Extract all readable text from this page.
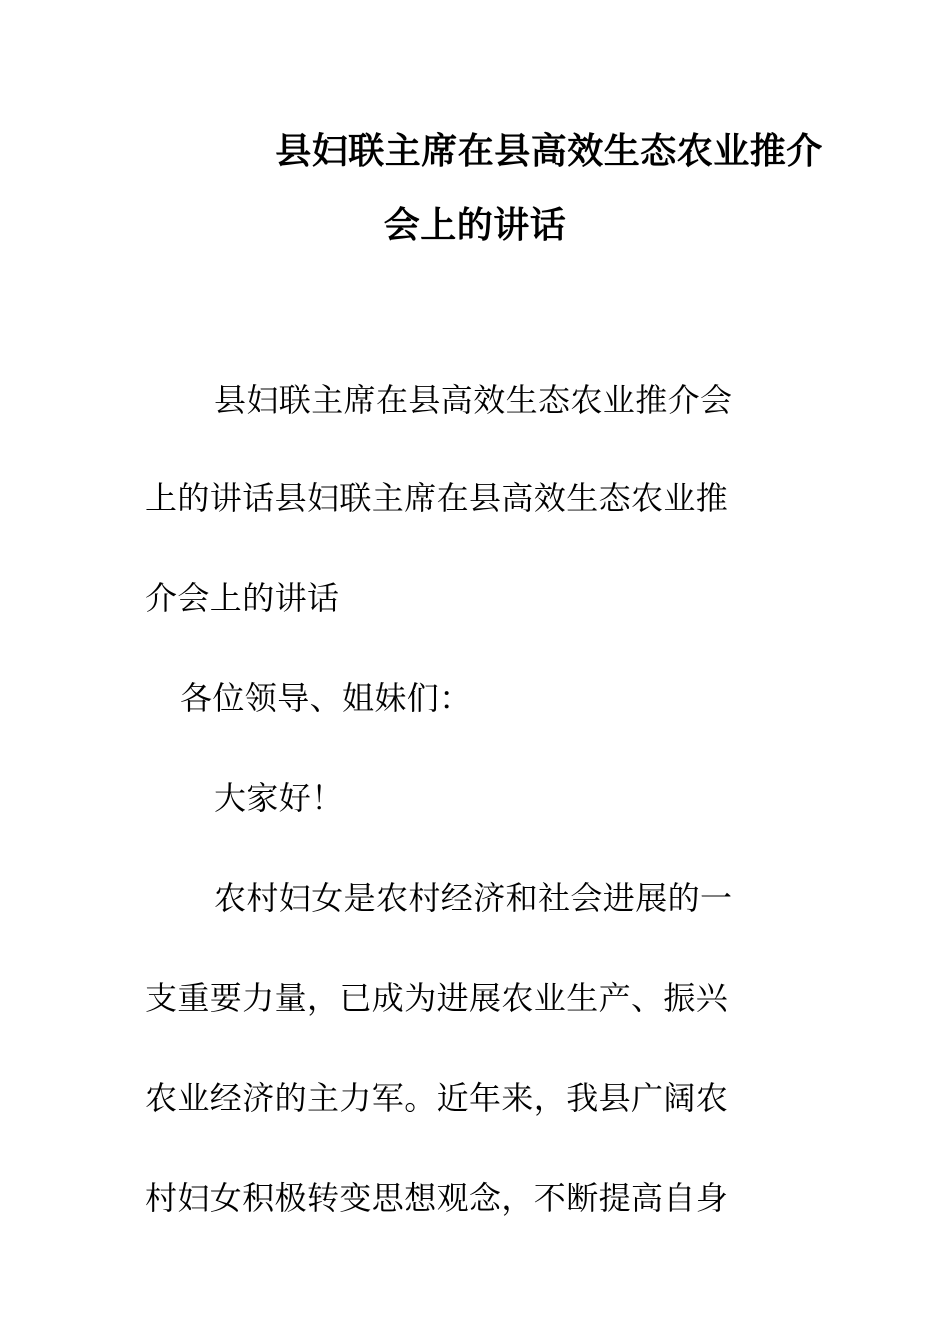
县妇联主席在县高效生态农业推介
会上的讲话
县妇联主席在县高效生态农业推介会
上的讲话县妇联主席在县高效生态农业推
介会上的讲话
各位领导、姐妹们：
大家好！
农村妇女是农村经济和社会进展的一
支重要力量，已成为进展农业生产、振兴
农业经济的主力军。近年来，我县广阔农
村妇女积极转变思想观念，不断提高自身
